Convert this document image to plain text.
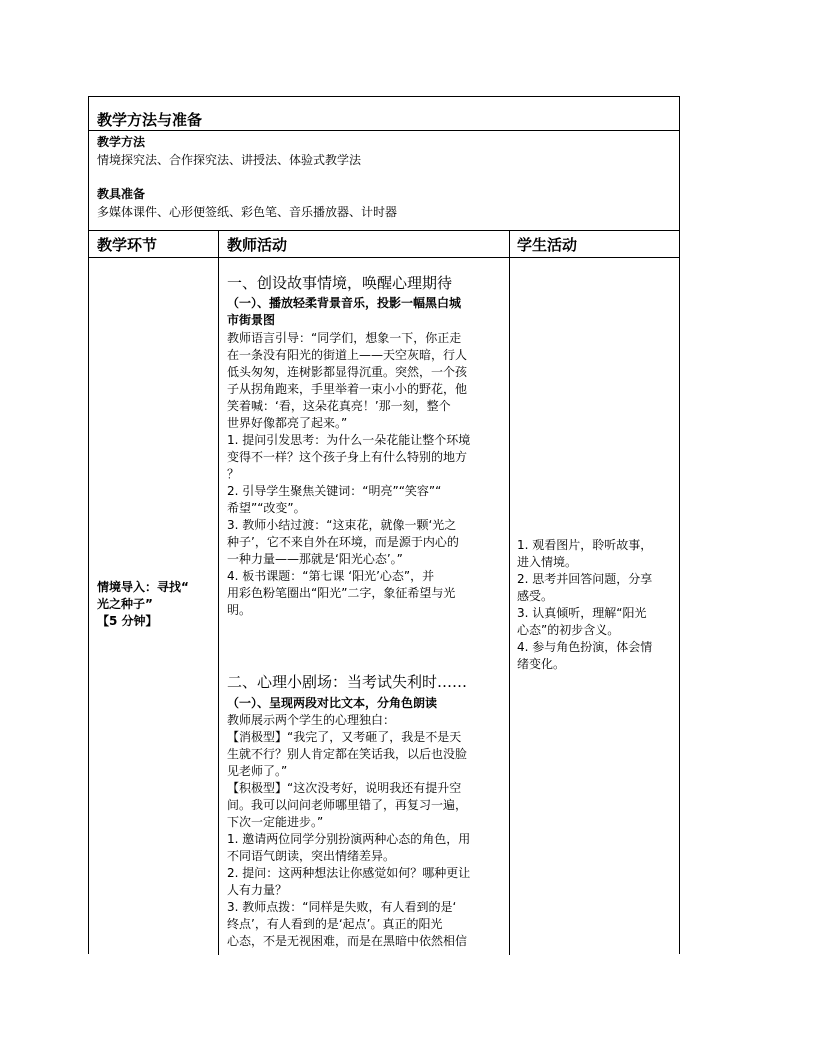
教学方法与准备
教学方法
情境探究法、合作探究法、讲授法、体验式教学法
教具准备
多媒体课件、心形便签纸、彩色笔、音乐播放器、计时器
教学环节	教师活动	学生活动
情境导入：寻找“
光之种子”
【5 分钟】
一、创设故事情境，唤醒心理期待
（一）、播放轻柔背景音乐，投影一幅黑白城
市街景图
教师语言引导：“同学们，想象一下，你正走
在一条没有阳光的街道上——天空灰暗，行人
低头匆匆，连树影都显得沉重。突然，一个孩
子从拐角跑来，手里举着一束小小的野花，他
笑着喊：‘看，这朵花真亮！’那一刻，整个
世界好像都亮了起来。”
1. 提问引发思考：为什么一朵花能让整个环境
变得不一样？这个孩子身上有什么特别的地方
？
2. 引导学生聚焦关键词：“明亮”“笑容”“
希望”“改变”。
3. 教师小结过渡：“这束花，就像一颗‘光之
种子’，它不来自外在环境，而是源于内心的
一种力量——那就是‘阳光心态’。”
4. 板书课题：“第七课 ‘阳光’心态”，并
用彩色粉笔圈出“阳光”二字，象征希望与光
明。
二、心理小剧场：当考试失利时……
（一）、呈现两段对比文本，分角色朗读
教师展示两个学生的心理独白：
【消极型】“我完了，又考砸了，我是不是天
生就不行？别人肯定都在笑话我，以后也没脸
见老师了。”
【积极型】“这次没考好，说明我还有提升空
间。我可以问问老师哪里错了，再复习一遍，
下次一定能进步。”
1. 邀请两位同学分别扮演两种心态的角色，用
不同语气朗读，突出情绪差异。
2. 提问：这两种想法让你感觉如何？哪种更让
人有力量？
3. 教师点拨：“同样是失败，有人看到的是‘
终点’，有人看到的是‘起点’。真正的阳光
心态，不是无视困难，而是在黑暗中依然相信
1. 观看图片，聆听故事，
进入情境。
2. 思考并回答问题，分享
感受。
3. 认真倾听，理解“阳光
心态”的初步含义。
4. 参与角色扮演，体会情
绪变化。
